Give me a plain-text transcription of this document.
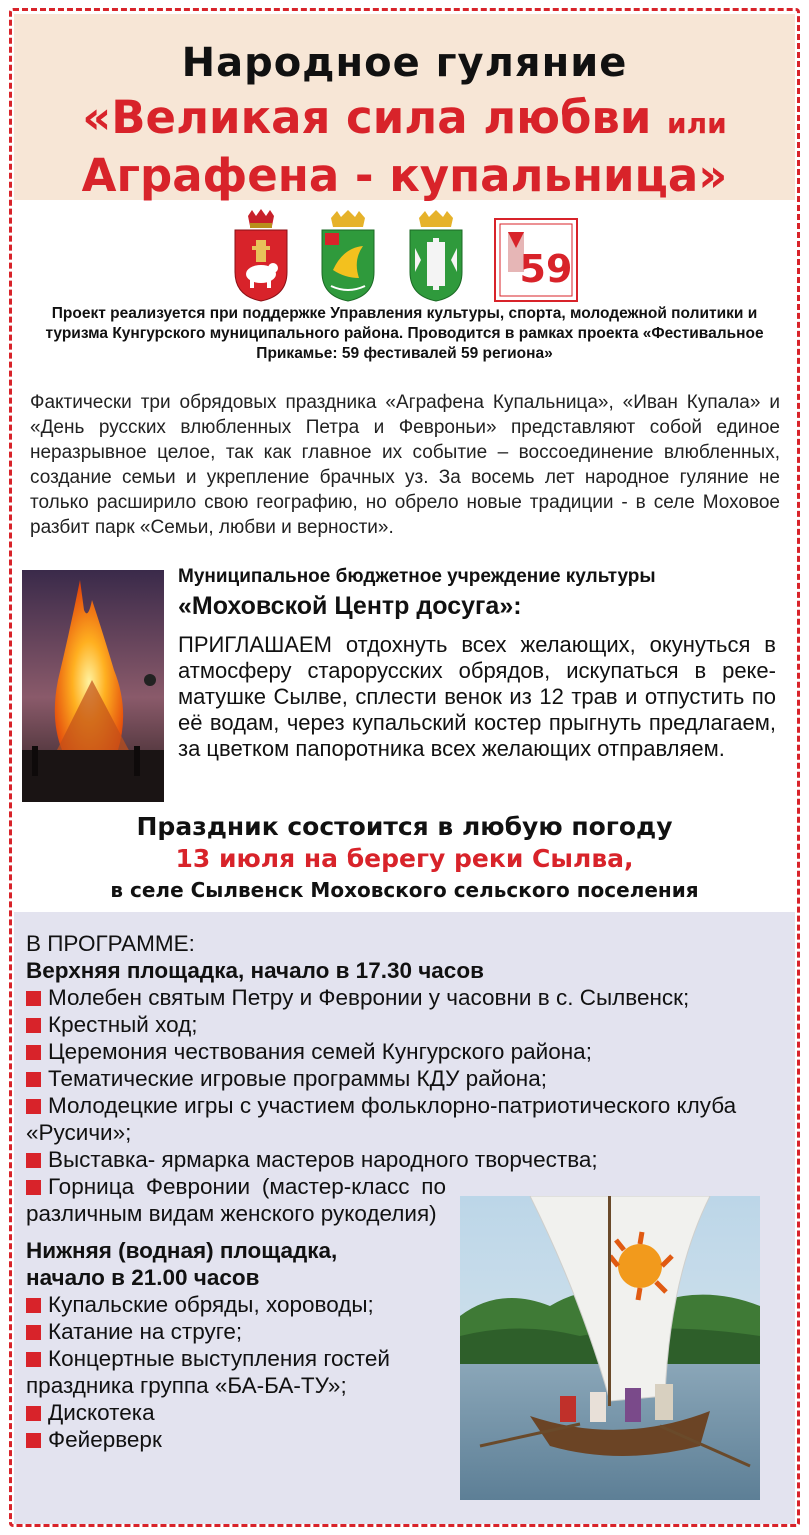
Народное гуляние
«Великая сила любви или
Аграфена - купальница»
59
Проект реализуется при поддержке Управления культуры, спорта, молодежной политики и туризма Кунгурского муниципального района. Проводится в рамках проекта «Фестивальное Прикамье: 59 фестивалей 59 региона»
Фактически три обрядовых праздника «Аграфена Купальница», «Иван Купала» и «День русских влюбленных Петра и Февроньи» представляют собой единое неразрывное целое, так как главное их событие – воссоединение влюбленных, создание семьи и укрепление брачных уз. За восемь лет народное гуляние не только расширило свою географию, но обрело новые традиции - в селе Моховое разбит парк «Семьи, любви и верности».
Муниципальное бюджетное учреждение культуры
«Моховской Центр досуга»:
ПРИГЛАШАЕМ отдохнуть всех желающих, окунуться в атмосферу старорусских обрядов, искупаться в реке-матушке Сылве, сплести венок из 12 трав и отпустить по её водам, через купальский костер прыгнуть предлагаем, за цветком папоротника всех желающих отправляем.
Праздник состоится в любую погоду
13 июля на берегу реки Сылва,
в селе Сылвенск Моховского сельского поселения
В ПРОГРАММЕ:
Верхняя площадка, начало в 17.30 часов
Молебен святым Петру и Февронии у часовни в с. Сылвенск;
Крестный ход;
Церемония чествования семей Кунгурского района;
Тематические игровые программы КДУ района;
Молодецкие игры с участием фольклорно-патриотического клуба «Русичи»;
Выставка- ярмарка мастеров народного творчества;
Горница Февронии (мастер-класс по различным видам женского рукоделия)
Нижняя (водная) площадка,
начало в 21.00 часов
Купальские обряды, хороводы;
Катание на струге;
Концертные выступления гостей праздника группа «БА-БА-ТУ»;
Дискотека
Фейерверк
